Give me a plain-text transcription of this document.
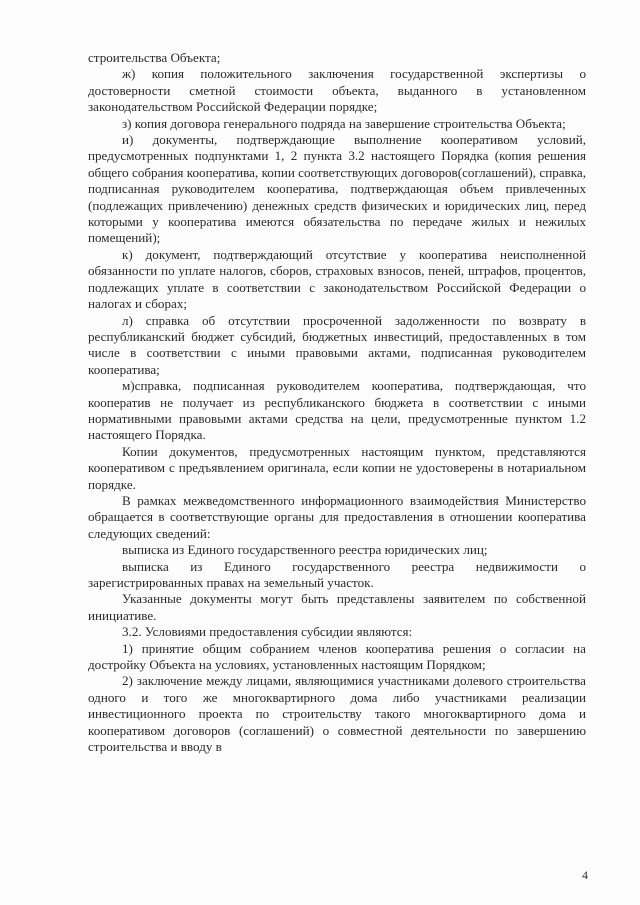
строительства Объекта;

ж) копия положительного заключения государственной экспертизы о достоверности сметной стоимости объекта, выданного в установленном законодательством Российской Федерации порядке;

з) копия договора генерального подряда на завершение строительства Объекта;

и) документы, подтверждающие выполнение кооперативом условий, предусмотренных подпунктами 1, 2 пункта 3.2 настоящего Порядка (копия решения общего собрания кооператива, копии соответствующих договоров(соглашений), справка, подписанная руководителем кооператива, подтверждающая объем привлеченных (подлежащих привлечению) денежных средств физических и юридических лиц, перед которыми у кооператива имеются обязательства по передаче жилых и нежилых помещений);

к) документ, подтверждающий отсутствие у кооператива неисполненной обязанности по уплате налогов, сборов, страховых взносов, пеней, штрафов, процентов, подлежащих уплате в соответствии с законодательством Российской Федерации о налогах и сборах;

л) справка об отсутствии просроченной задолженности по возврату в республиканский бюджет субсидий, бюджетных инвестиций, предоставленных в том числе в соответствии с иными правовыми актами, подписанная руководителем кооператива;

м)справка, подписанная руководителем кооператива, подтверждающая, что кооператив не получает из республиканского бюджета в соответствии с иными нормативными правовыми актами средства на цели, предусмотренные пунктом 1.2 настоящего Порядка.

Копии документов, предусмотренных настоящим пунктом, представляются кооперативом с предъявлением оригинала, если копии не удостоверены в нотариальном порядке.

В рамках межведомственного информационного взаимодействия Министерство обращается в соответствующие органы для предоставления в отношении кооператива следующих сведений:

выписка из Единого государственного реестра юридических лиц;

выписка из Единого государственного реестра недвижимости о зарегистрированных правах на земельный участок.

Указанные документы могут быть представлены заявителем по собственной инициативе.

3.2. Условиями предоставления субсидии являются:

1) принятие общим собранием членов кооператива решения о согласии на достройку Объекта на условиях, установленных настоящим Порядком;

2) заключение между лицами, являющимися участниками долевого строительства одного и того же многоквартирного дома либо участниками реализации инвестиционного проекта по строительству такого многоквартирного дома и кооперативом договоров (соглашений) о совместной деятельности по завершению строительства и вводу в

4
